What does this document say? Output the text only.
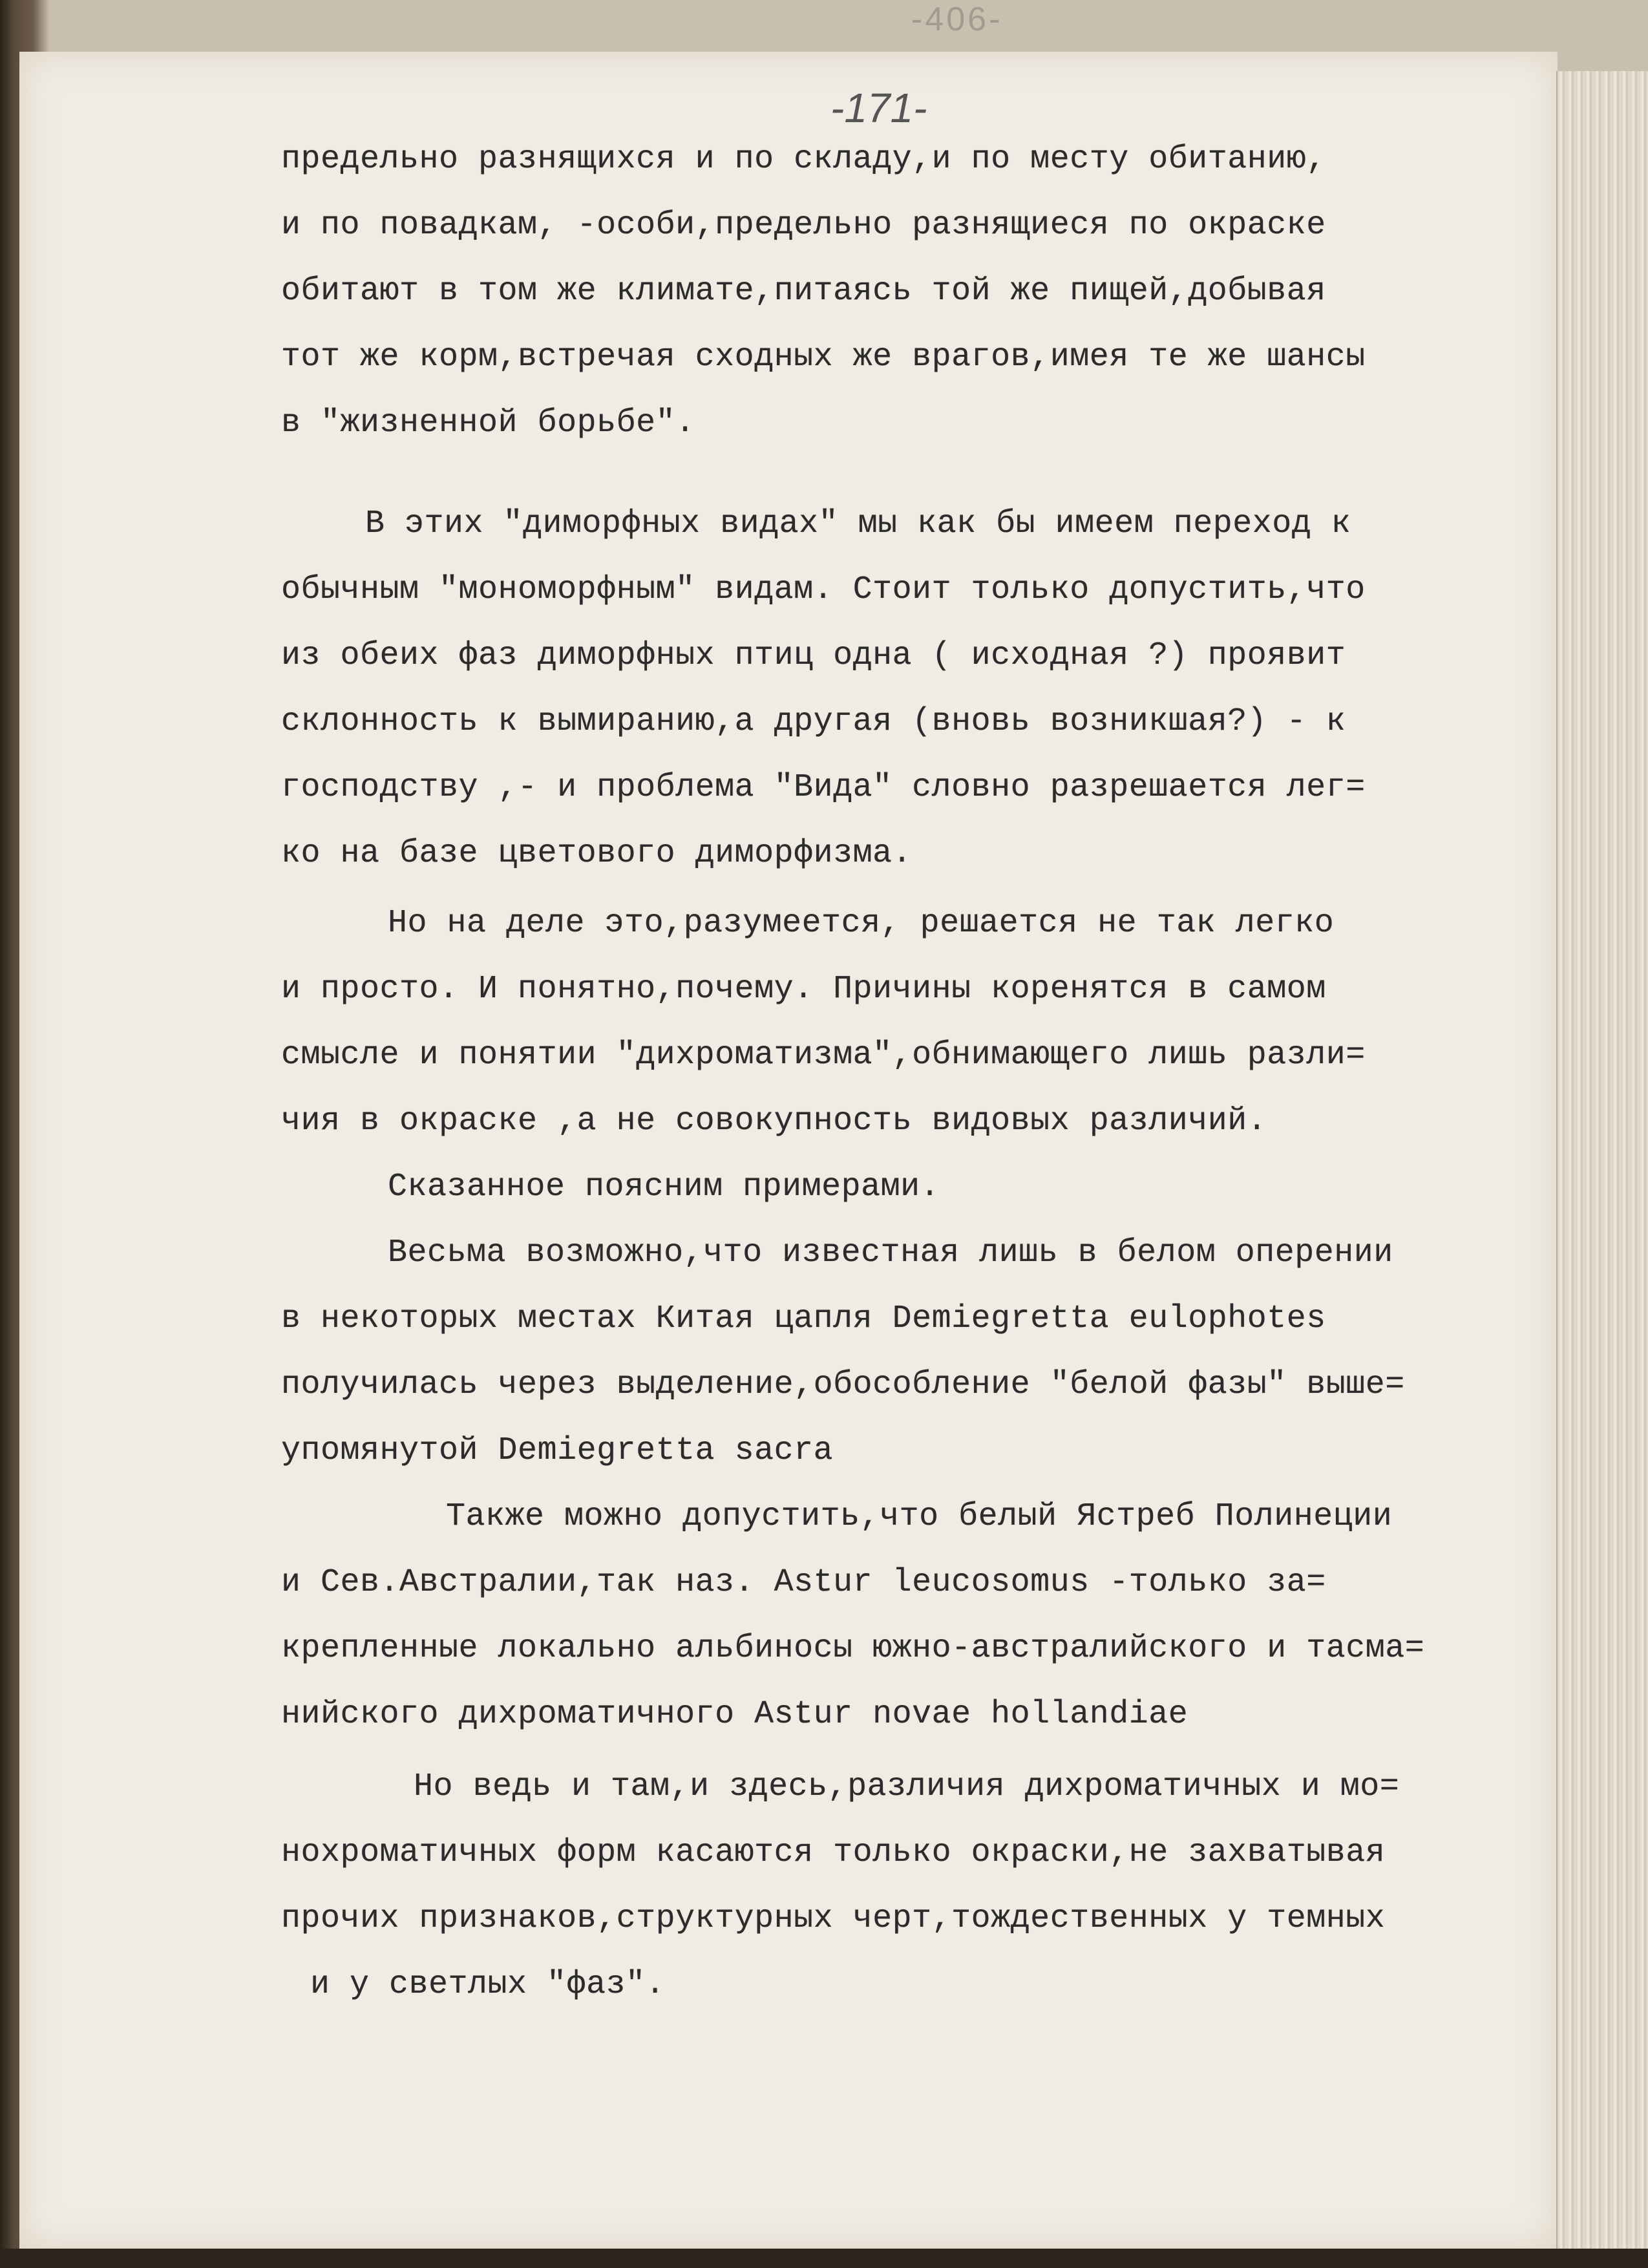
-406-
-171-
предельно разнящихся и по складу,и по месту обитанию,
и по повадкам, -особи,предельно разнящиеся по окраске
обитают в том же климате,питаясь той же пищей,добывая
тот же корм,встречая сходных же врагов,имея те же шансы
в "жизненной борьбе".
В этих "диморфных видах" мы как бы имеем переход к
обычным "мономорфным" видам. Стоит только допустить,что
из обеих фаз диморфных птиц одна ( исходная ?) проявит
склонность к вымиранию,а другая (вновь возникшая?) - к
господству ,- и проблема "Вида" словно разрешается лег=
ко на базе цветового диморфизма.
Но на деле это,разумеется, решается не так легко
и просто. И понятно,почему. Причины коренятся в самом
смысле и понятии "дихроматизма",обнимающего лишь разли=
чия в окраске ,а не совокупность видовых различий.
Сказанное поясним примерами.
Весьма возможно,что известная лишь в белом оперении
в некоторых местах Китая цапля Demiegretta eulophotes
получилась через выделение,обособление "белой фазы" выше=
упомянутой Demiegretta sacra
Также можно допустить,что белый Ястреб Полинеции
и Сев.Австралии,так наз. Astur leucosomus -только за=
крепленные локально альбиносы южно-австралийского и тасма=
нийского дихроматичного Astur novae hollandiae
Но ведь и там,и здесь,различия дихроматичных и мо=
нохроматичных форм касаются только окраски,не захватывая
прочих признаков,структурных черт,тождественных у темных
и у светлых "фаз".
